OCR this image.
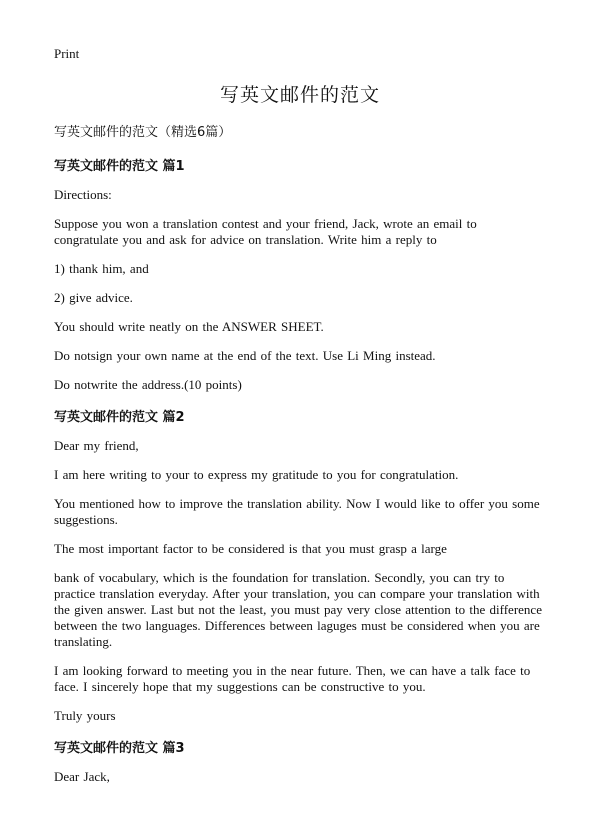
Print
写英文邮件的范文
写英文邮件的范文（精选6篇）
写英文邮件的范文 篇1

Directions:

Suppose you won a translation contest and your friend, Jack, wrote an email to congratulate you and ask for advice on translation. Write him a reply to

1) thank him, and

2) give advice.

You should write neatly on the ANSWER SHEET.

Do notsign your own name at the end of the text. Use Li Ming instead.

Do notwrite the address.(10 points)

写英文邮件的范文 篇2

Dear my friend,

I am here writing to your to express my gratitude to you for congratulation.

You mentioned how to improve the translation ability. Now I would like to offer you some suggestions.

The most important factor to be considered is that you must grasp a large

bank of vocabulary, which is the foundation for translation. Secondly, you can try to practice translation everyday. After your translation, you can compare your translation with the given answer. Last but not the least, you must pay very close attention to the difference between the two languages. Differences between laguges must be considered when you are translating.

I am looking forward to meeting you in the near future. Then, we can have a talk face to face. I sincerely hope that my suggestions can be constructive to you.

Truly yours

写英文邮件的范文 篇3

Dear Jack,
